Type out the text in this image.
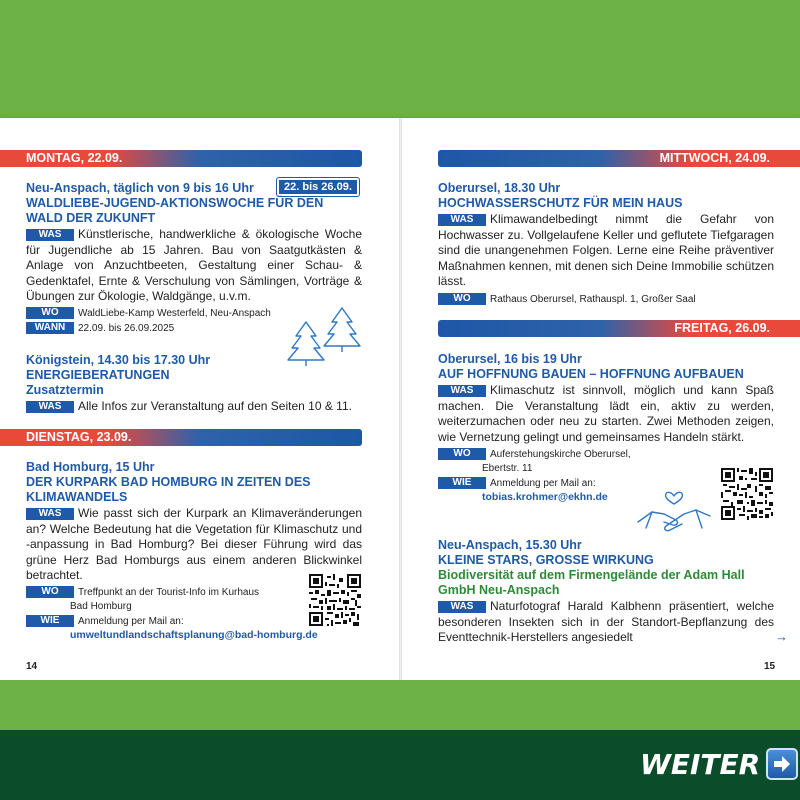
MONTAG, 22.09.
22. bis 26.09.
Neu-Anspach, täglich von 9 bis 16 Uhr
WALDLIEBE-JUGEND-AKTIONSWOCHE FÜR DEN WALD DER ZUKUNFT
WAS Künstlerische, handwerkliche & ökologische Woche für Jugendliche ab 15 Jahren. Bau von Saatgutkästen & Anlage von Anzuchtbeeten, Gestaltung einer Schau- & Gedenktafel, Ernte & Verschulung von Sämlingen, Vorträge & Übungen zur Ökologie, Waldgänge, u.v.m.
WO WaldLiebe-Kamp Westerfeld, Neu-Anspach
WANN 22.09. bis 26.09.2025
Königstein, 14.30 bis 17.30 Uhr
ENERGIEBERATUNGEN
Zusatztermin
WAS Alle Infos zur Veranstaltung auf den Seiten 10 & 11.
DIENSTAG, 23.09.
Bad Homburg, 15 Uhr
DER KURPARK BAD HOMBURG IN ZEITEN DES KLIMAWANDELS
WAS Wie passt sich der Kurpark an Klimaveränderungen an? Welche Bedeutung hat die Vegetation für Klimaschutz und -anpassung in Bad Homburg? Bei dieser Führung wird das grüne Herz Bad Homburgs aus einem anderen Blickwinkel betrachtet.
WO Treffpunkt an der Tourist-Info im Kurhaus
Bad Homburg
WIE Anmeldung per Mail an:
umweltundlandschaftsplanung@bad-homburg.de
14
MITTWOCH, 24.09.
Oberursel, 18.30 Uhr
HOCHWASSERSCHUTZ FÜR MEIN HAUS
WAS Klimawandelbedingt nimmt die Gefahr von Hochwasser zu. Vollgelaufene Keller und geflutete Tiefgaragen sind die unangenehmen Folgen. Lerne eine Reihe präventiver Maßnahmen kennen, mit denen sich Deine Immobilie schützen lässt.
WO Rathaus Oberursel, Rathauspl. 1, Großer Saal
FREITAG, 26.09.
Oberursel, 16 bis 19 Uhr
AUF HOFFNUNG BAUEN – HOFFNUNG AUFBAUEN
WAS Klimaschutz ist sinnvoll, möglich und kann Spaß machen. Die Veranstaltung lädt ein, aktiv zu werden, weiterzumachen oder neu zu starten. Zwei Methoden zeigen, wie Vernetzung gelingt und gemeinsames Handeln stärkt.
WO Auferstehungskirche Oberursel,
Ebertstr. 11
WIE Anmeldung per Mail an:
tobias.krohmer@ekhn.de
Neu-Anspach, 15.30 Uhr
KLEINE STARS, GROSSE WIRKUNG
Biodiversität auf dem Firmengelände der Adam Hall GmbH Neu-Anspach
WAS Naturfotograf Harald Kalbhenn präsentiert, welche besonderen Insekten sich in der Standort-Bepflanzung des Eventtechnik-Herstellers angesiedelt	→
15
WEITER
